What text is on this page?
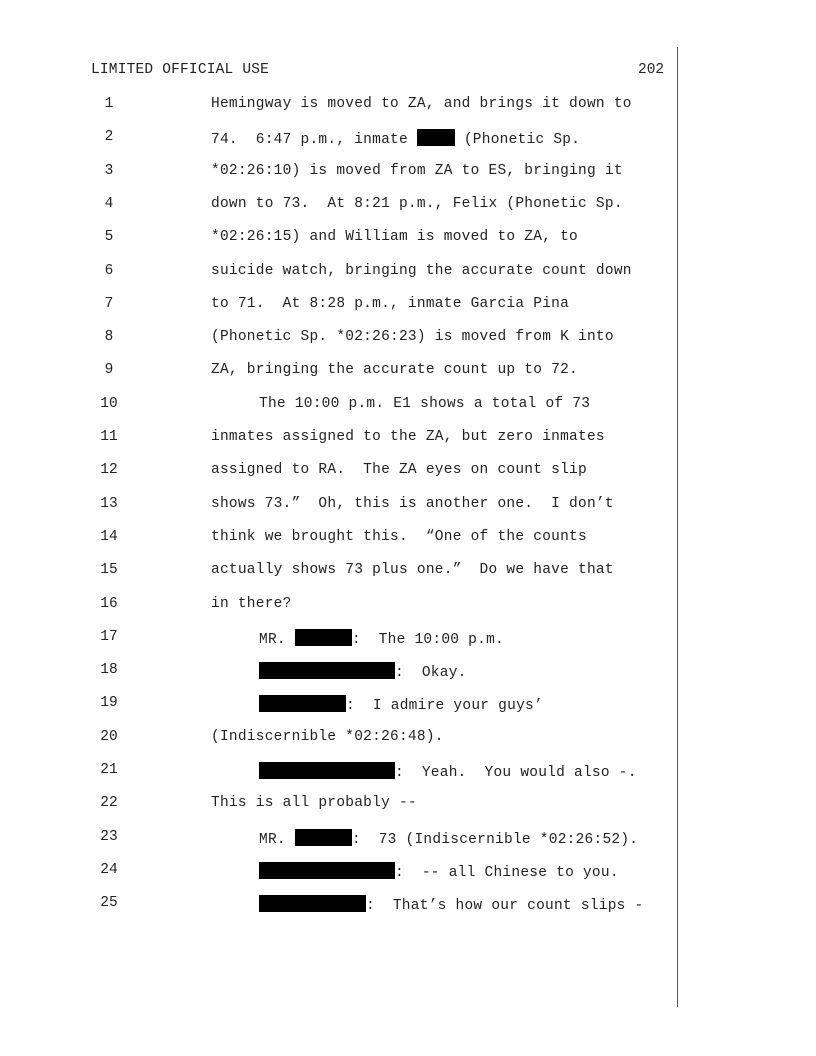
LIMITED OFFICIAL USE	202
1	Hemingway is moved to ZA, and brings it down to
2	74.  6:47 p.m., inmate	(Phonetic Sp.
3	*02:26:10) is moved from ZA to ES, bringing it
4	down to 73.  At 8:21 p.m., Felix (Phonetic Sp.
5	*02:26:15) and William is moved to ZA, to
6	suicide watch, bringing the accurate count down
7	to 71.  At 8:28 p.m., inmate Garcia Pina
8	(Phonetic Sp. *02:26:23) is moved from K into
9	ZA, bringing the accurate count up to 72.
10	The 10:00 p.m. E1 shows a total of 73
11	inmates assigned to the ZA, but zero inmates
12	assigned to RA.  The ZA eyes on count slip
13	shows 73.”  Oh, this is another one.  I don’t
14	think we brought this.  “One of the counts
15	actually shows 73 plus one.”  Do we have that
16	in there?
17	MR.	:  The 10:00 p.m.
18	:  Okay.
19	:  I admire your guys’
20	(Indiscernible *02:26:48).
21	:  Yeah.  You would also -.
22	This is all probably --
23	MR.	:  73 (Indiscernible *02:26:52).
24	:  -- all Chinese to you.
25	:  That’s how our count slips -
